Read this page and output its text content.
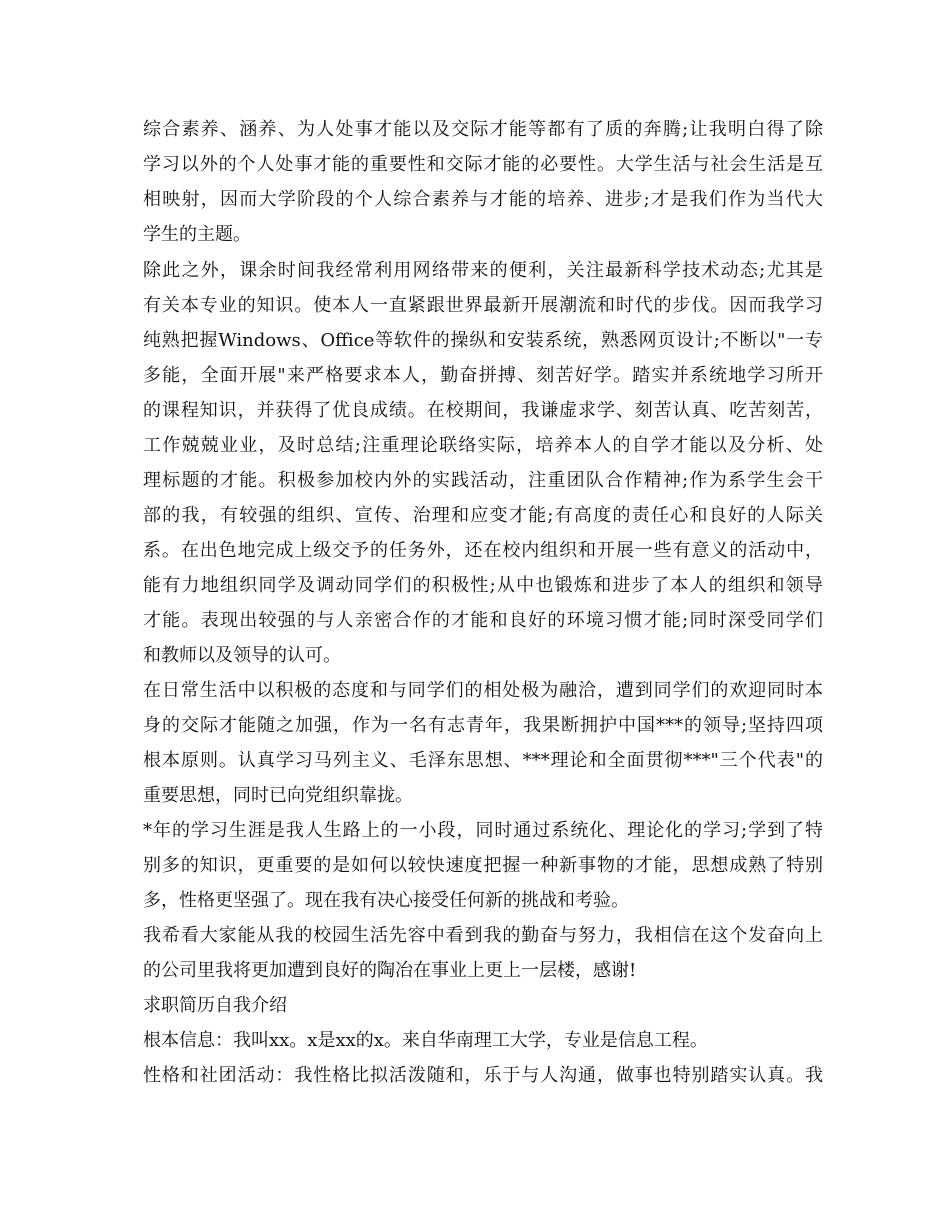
综合素养、涵养、为人处事才能以及交际才能等都有了质的奔腾;让我明白得了除
学习以外的个人处事才能的重要性和交际才能的必要性。大学生活与社会生活是互
相映射，因而大学阶段的个人综合素养与才能的培养、进步;才是我们作为当代大
学生的主题。
除此之外，课余时间我经常利用网络带来的便利，关注最新科学技术动态;尤其是
有关本专业的知识。使本人一直紧跟世界最新开展潮流和时代的步伐。因而我学习
纯熟把握Windows、Office等软件的操纵和安装系统，熟悉网页设计;不断以"一专
多能，全面开展"来严格要求本人，勤奋拼搏、刻苦好学。踏实并系统地学习所开
的课程知识，并获得了优良成绩。在校期间，我谦虚求学、刻苦认真、吃苦刻苦，
工作兢兢业业，及时总结;注重理论联络实际，培养本人的自学才能以及分析、处
理标题的才能。积极参加校内外的实践活动，注重团队合作精神;作为系学生会干
部的我，有较强的组织、宣传、治理和应变才能;有高度的责任心和良好的人际关
系。在出色地完成上级交予的任务外，还在校内组织和开展一些有意义的活动中，
能有力地组织同学及调动同学们的积极性;从中也锻炼和进步了本人的组织和领导
才能。表现出较强的与人亲密合作的才能和良好的环境习惯才能;同时深受同学们
和教师以及领导的认可。
在日常生活中以积极的态度和与同学们的相处极为融洽，遭到同学们的欢迎同时本
身的交际才能随之加强，作为一名有志青年，我果断拥护中国***的领导;坚持四项
根本原则。认真学习马列主义、毛泽东思想、***理论和全面贯彻***"三个代表"的
重要思想，同时已向党组织靠拢。
*年的学习生涯是我人生路上的一小段，同时通过系统化、理论化的学习;学到了特
别多的知识，更重要的是如何以较快速度把握一种新事物的才能，思想成熟了特别
多，性格更坚强了。现在我有决心接受任何新的挑战和考验。
我希看大家能从我的校园生活先容中看到我的勤奋与努力，我相信在这个发奋向上
的公司里我将更加遭到良好的陶冶在事业上更上一层楼，感谢!
求职简历自我介绍
根本信息：我叫xx。x是xx的x。来自华南理工大学，专业是信息工程。
性格和社团活动：我性格比拟活泼随和，乐于与人沟通，做事也特别踏实认真。我
